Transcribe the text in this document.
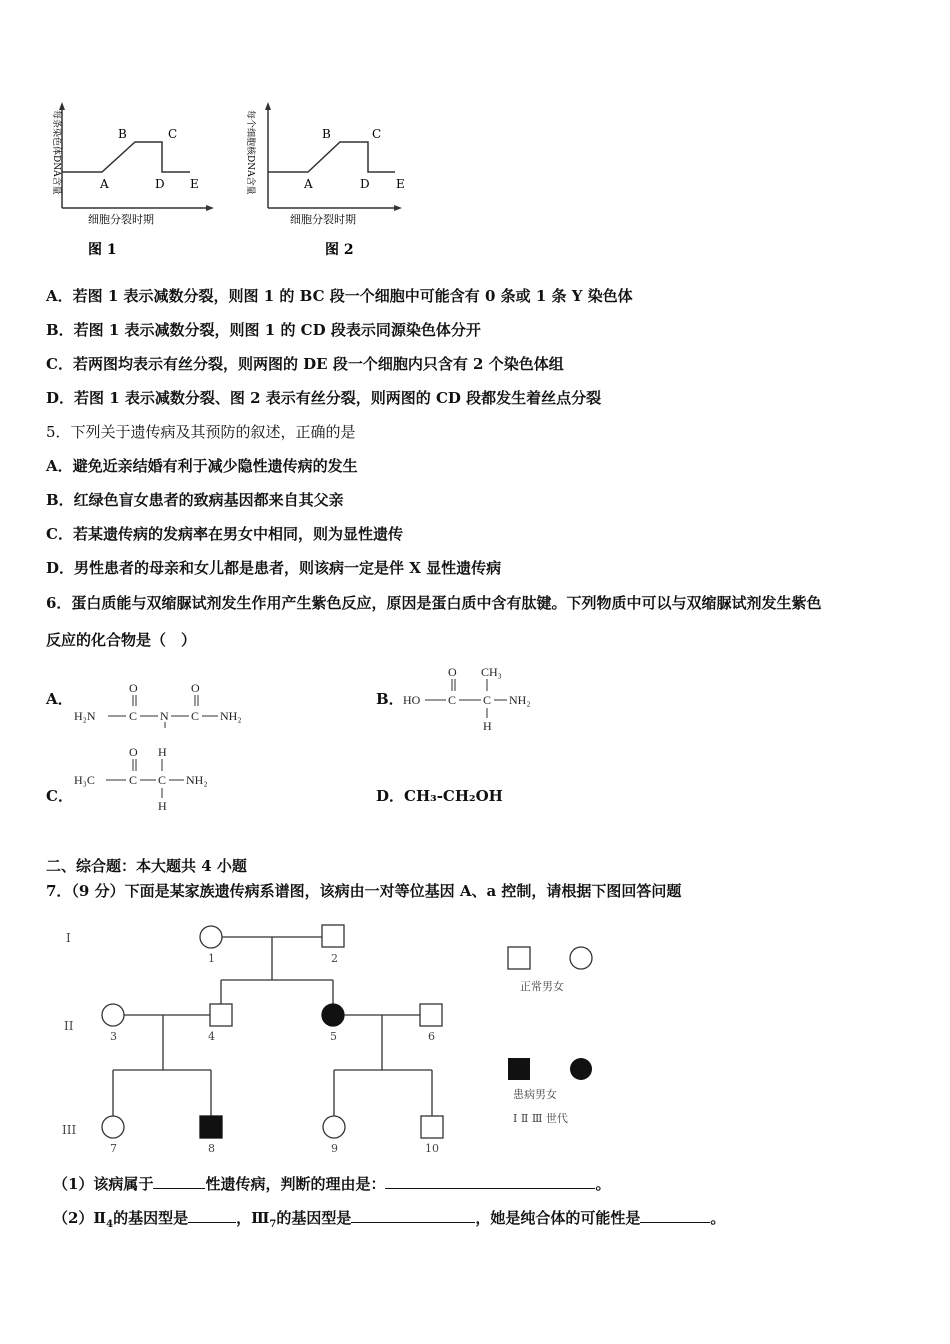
A
B	C
D E
每条染色体DNA含量
细胞分裂时期
图 1
A
B	C
D E
每个细胞核DNA含量
细胞分裂时期
图 2
A．若图 1 表示减数分裂，则图 1 的 BC 段一个细胞中可能含有 0 条或 1 条 Y 染色体
B．若图 1 表示减数分裂，则图 1 的 CD 段表示同源染色体分开
C．若两图均表示有丝分裂，则两图的 DE 段一个细胞内只含有 2 个染色体组
D．若图 1 表示减数分裂、图 2 表示有丝分裂，则两图的 CD 段都发生着丝点分裂
5．下列关于遗传病及其预防的叙述，正确的是
A．避免近亲结婚有利于减少隐性遗传病的发生
B．红绿色盲女患者的致病基因都来自其父亲
C．若某遗传病的发病率在男女中相同，则为显性遗传
D．男性患者的母亲和女儿都是患者，则该病一定是伴 X 显性遗传病
6．蛋白质能与双缩脲试剂发生作用产生紫色反应，原因是蛋白质中含有肽键。下列物质中可以与双缩脲试剂发生紫色
反应的化合物是（　）
A．
O	O
H₂N	C N C NH₂
B．
O CH₃
HO C C NH₂
H
C．
O H
H₃C	C C NH₂
H
D．CH₃-CH₂OH
二、综合题：本大题共 4 小题
7．（9 分）下面是某家族遗传病系谱图，该病由一对等位基因 A、a 控制，请根据下图回答问题
I
II
III
1	2
3	4	5	6
7	8	9	10
正常男女
患病男女
I Ⅱ Ⅲ 世代
（1）该病属于	性遗传病，判断的理由是：	。
$(2)Ⅱ_4$的基因型是	，$Ⅲ_7$的基因型是	，她是纯合体的可能性是	。
